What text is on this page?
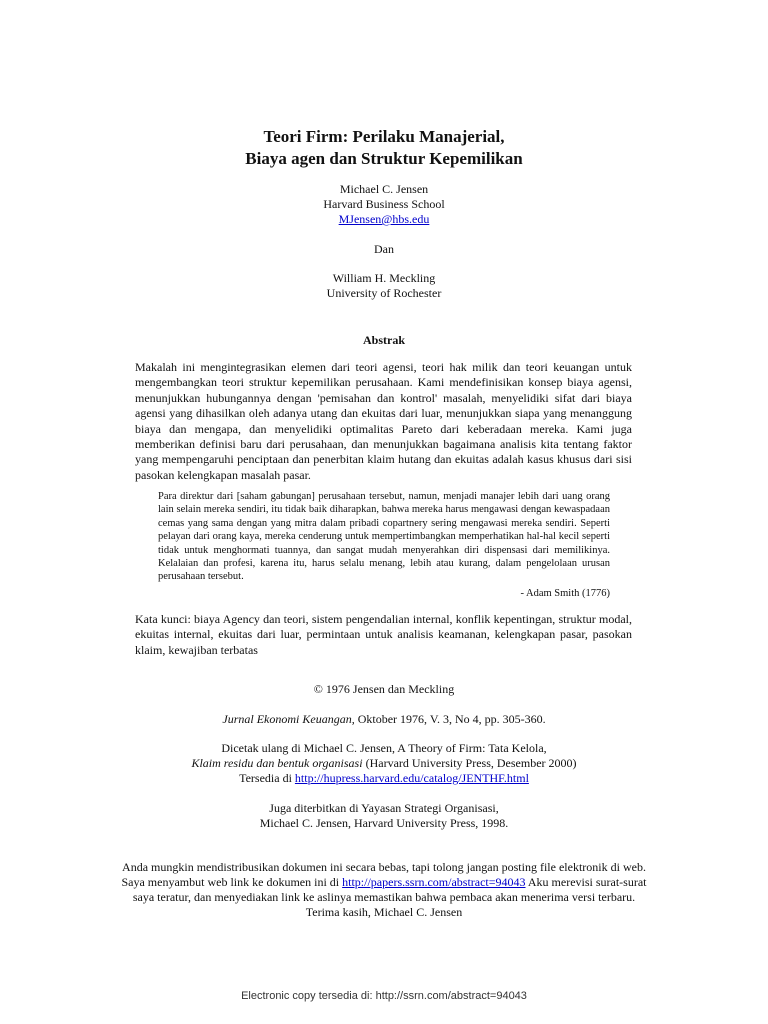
Teori Firm: Perilaku Manajerial,
Biaya agen dan Struktur Kepemilikan
Michael C. Jensen
Harvard Business School
MJensen@hbs.edu
Dan
William H. Meckling
University of Rochester
Abstrak
Makalah ini mengintegrasikan elemen dari teori agensi, teori hak milik dan teori keuangan untuk mengembangkan teori struktur kepemilikan perusahaan. Kami mendefinisikan konsep biaya agensi, menunjukkan hubungannya dengan 'pemisahan dan kontrol' masalah, menyelidiki sifat dari biaya agensi yang dihasilkan oleh adanya utang dan ekuitas dari luar, menunjukkan siapa yang menanggung biaya dan mengapa, dan menyelidiki optimalitas Pareto dari keberadaan mereka. Kami juga memberikan definisi baru dari perusahaan, dan menunjukkan bagaimana analisis kita tentang faktor yang mempengaruhi penciptaan dan penerbitan klaim hutang dan ekuitas adalah kasus khusus dari sisi pasokan kelengkapan masalah pasar.
Para direktur dari [saham gabungan] perusahaan tersebut, namun, menjadi manajer lebih dari uang orang lain selain mereka sendiri, itu tidak baik diharapkan, bahwa mereka harus mengawasi dengan kewaspadaan cemas yang sama dengan yang mitra dalam pribadi copartnery sering mengawasi mereka sendiri. Seperti pelayan dari orang kaya, mereka cenderung untuk mempertimbangkan memperhatikan hal-hal kecil seperti tidak untuk menghormati tuannya, dan sangat mudah menyerahkan diri dispensasi dari memilikinya. Kelalaian dan profesi, karena itu, harus selalu menang, lebih atau kurang, dalam pengelolaan urusan perusahaan tersebut.
- Adam Smith (1776)
Kata kunci: biaya Agency dan teori, sistem pengendalian internal, konflik kepentingan, struktur modal, ekuitas internal, ekuitas dari luar, permintaan untuk analisis keamanan, kelengkapan pasar, pasokan klaim, kewajiban terbatas
© 1976 Jensen dan Meckling
Jurnal Ekonomi Keuangan, Oktober 1976, V. 3, No 4, pp. 305-360.
Dicetak ulang di Michael C. Jensen, A Theory of Firm: Tata Kelola,
Klaim residu dan bentuk organisasi (Harvard University Press, Desember 2000)
Tersedia di http://hupress.harvard.edu/catalog/JENTHF.html
Juga diterbitkan di Yayasan Strategi Organisasi,
Michael C. Jensen, Harvard University Press, 1998.
Anda mungkin mendistribusikan dokumen ini secara bebas, tapi tolong jangan posting file elektronik di web. Saya menyambut web link ke dokumen ini di http://papers.ssrn.com/abstract=94043 Aku merevisi surat-surat saya teratur, dan menyediakan link ke aslinya memastikan bahwa pembaca akan menerima versi terbaru. Terima kasih, Michael C. Jensen
Electronic copy tersedia di: http://ssrn.com/abstract=94043
